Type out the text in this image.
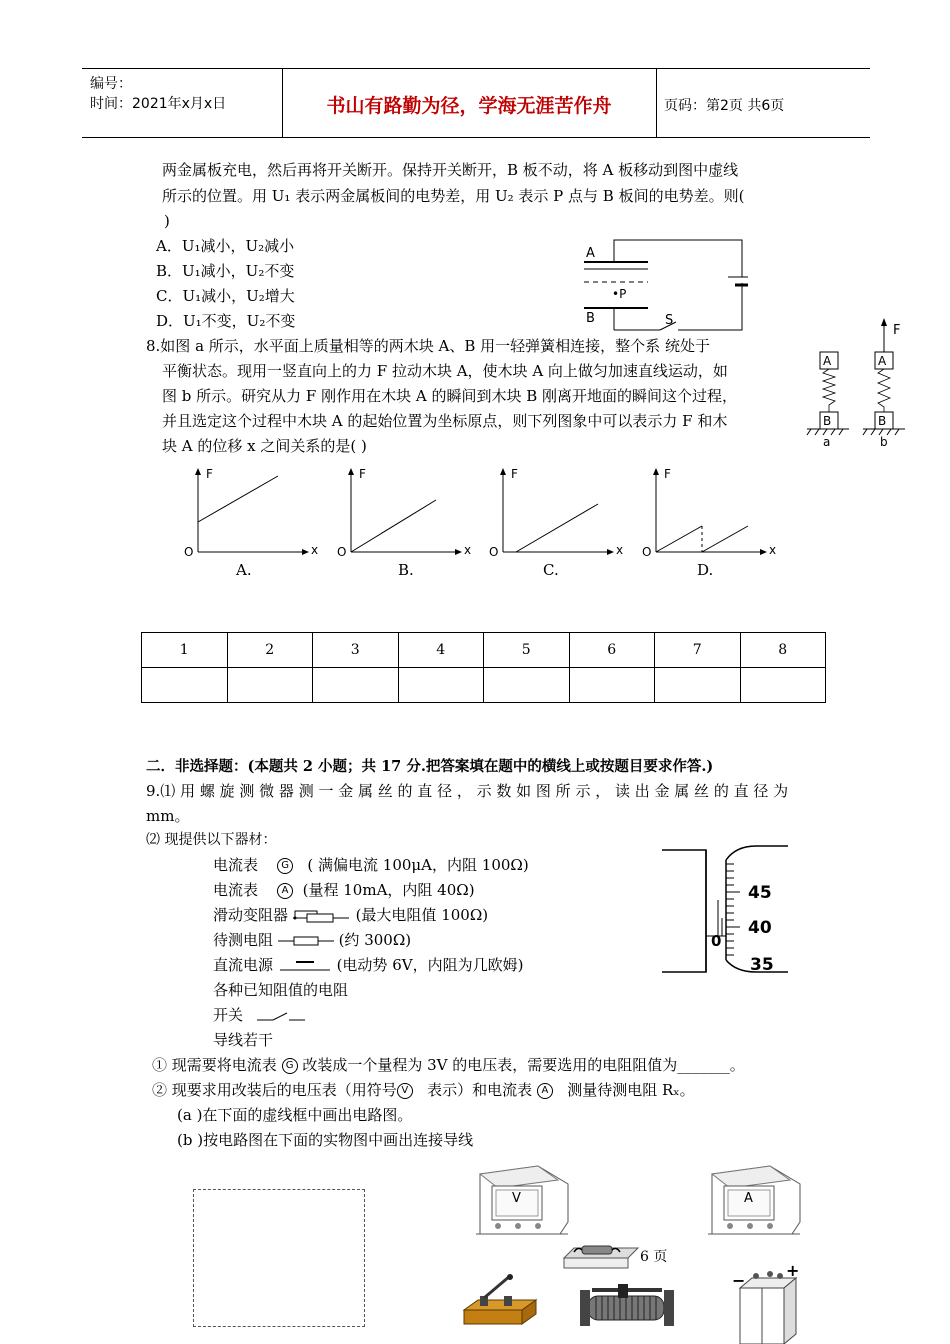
编号：
时间：2021年x月x日	书山有路勤为径，学海无涯苦作舟	页码：第2页 共6页
两金属板充电，然后再将开关断开。保持开关断开，B 板不动，将 A 板移动到图中虚线
所示的位置。用 U₁ 表示两金属板间的电势差，用 U₂ 表示 P 点与 B 板间的电势差。则(
)
A．U₁减小，U₂减小
B．U₁减小，U₂不变
C．U₁减小，U₂增大
D．U₁不变，U₂不变
A
•P
B	S
8.如图 a 所示，水平面上质量相等的两木块 A、B 用一轻弹簧相连接，整个系 统处于
平衡状态。现用一竖直向上的力 F 拉动木块 A，使木块 A 向上做匀加速直线运动，如
图 b 所示。研究从力 F 刚作用在木块 A 的瞬间到木块 B 刚离开地面的瞬间这个过程，
并且选定这个过程中木块 A 的起始位置为坐标原点，则下列图象中可以表示力 F 和木
块 A 的位移 x 之间关系的是( )
A
B
a
F
A
B
b
F
O	x
F
O	x
F
O	x
F
O	x
A.	B.	C.	D.
1	2	3	4	5	6	7	8

二．非选择题：(本题共 2 小题；共 17 分.把答案填在题中的横线上或按题目要求作答.)
9.⑴ 用 螺 旋 测 微 器 测 一 金 属 丝 的 直 径 ， 示 数 如 图 所 示 ， 读 出 金 属 丝 的 直 径 为
mm。
⑵ 现提供以下器材：
电流表 G ( 满偏电流 100μA，内阻 100Ω)
电流表 A (量程 10mA，内阻 40Ω)
滑动变阻器	(最大电阻值 100Ω)
待测电阻	(约 300Ω)
直流电源	(电动势 6V，内阻为几欧姆)
各种已知阻值的电阻
开关
导线若干
45
40
35
0
① 现需要将电流表 G 改装成一个量程为 3V 的电压表，需要选用的电阻阻值为_______。
② 现要求用改装后的电压表（用符号 V 表示）和电流表 A 测量待测电阻 Rₓ。
(a )在下面的虚线框中画出电路图。
(b )按电路图在下面的实物图中画出连接导线
V	A
6 页
−
+
